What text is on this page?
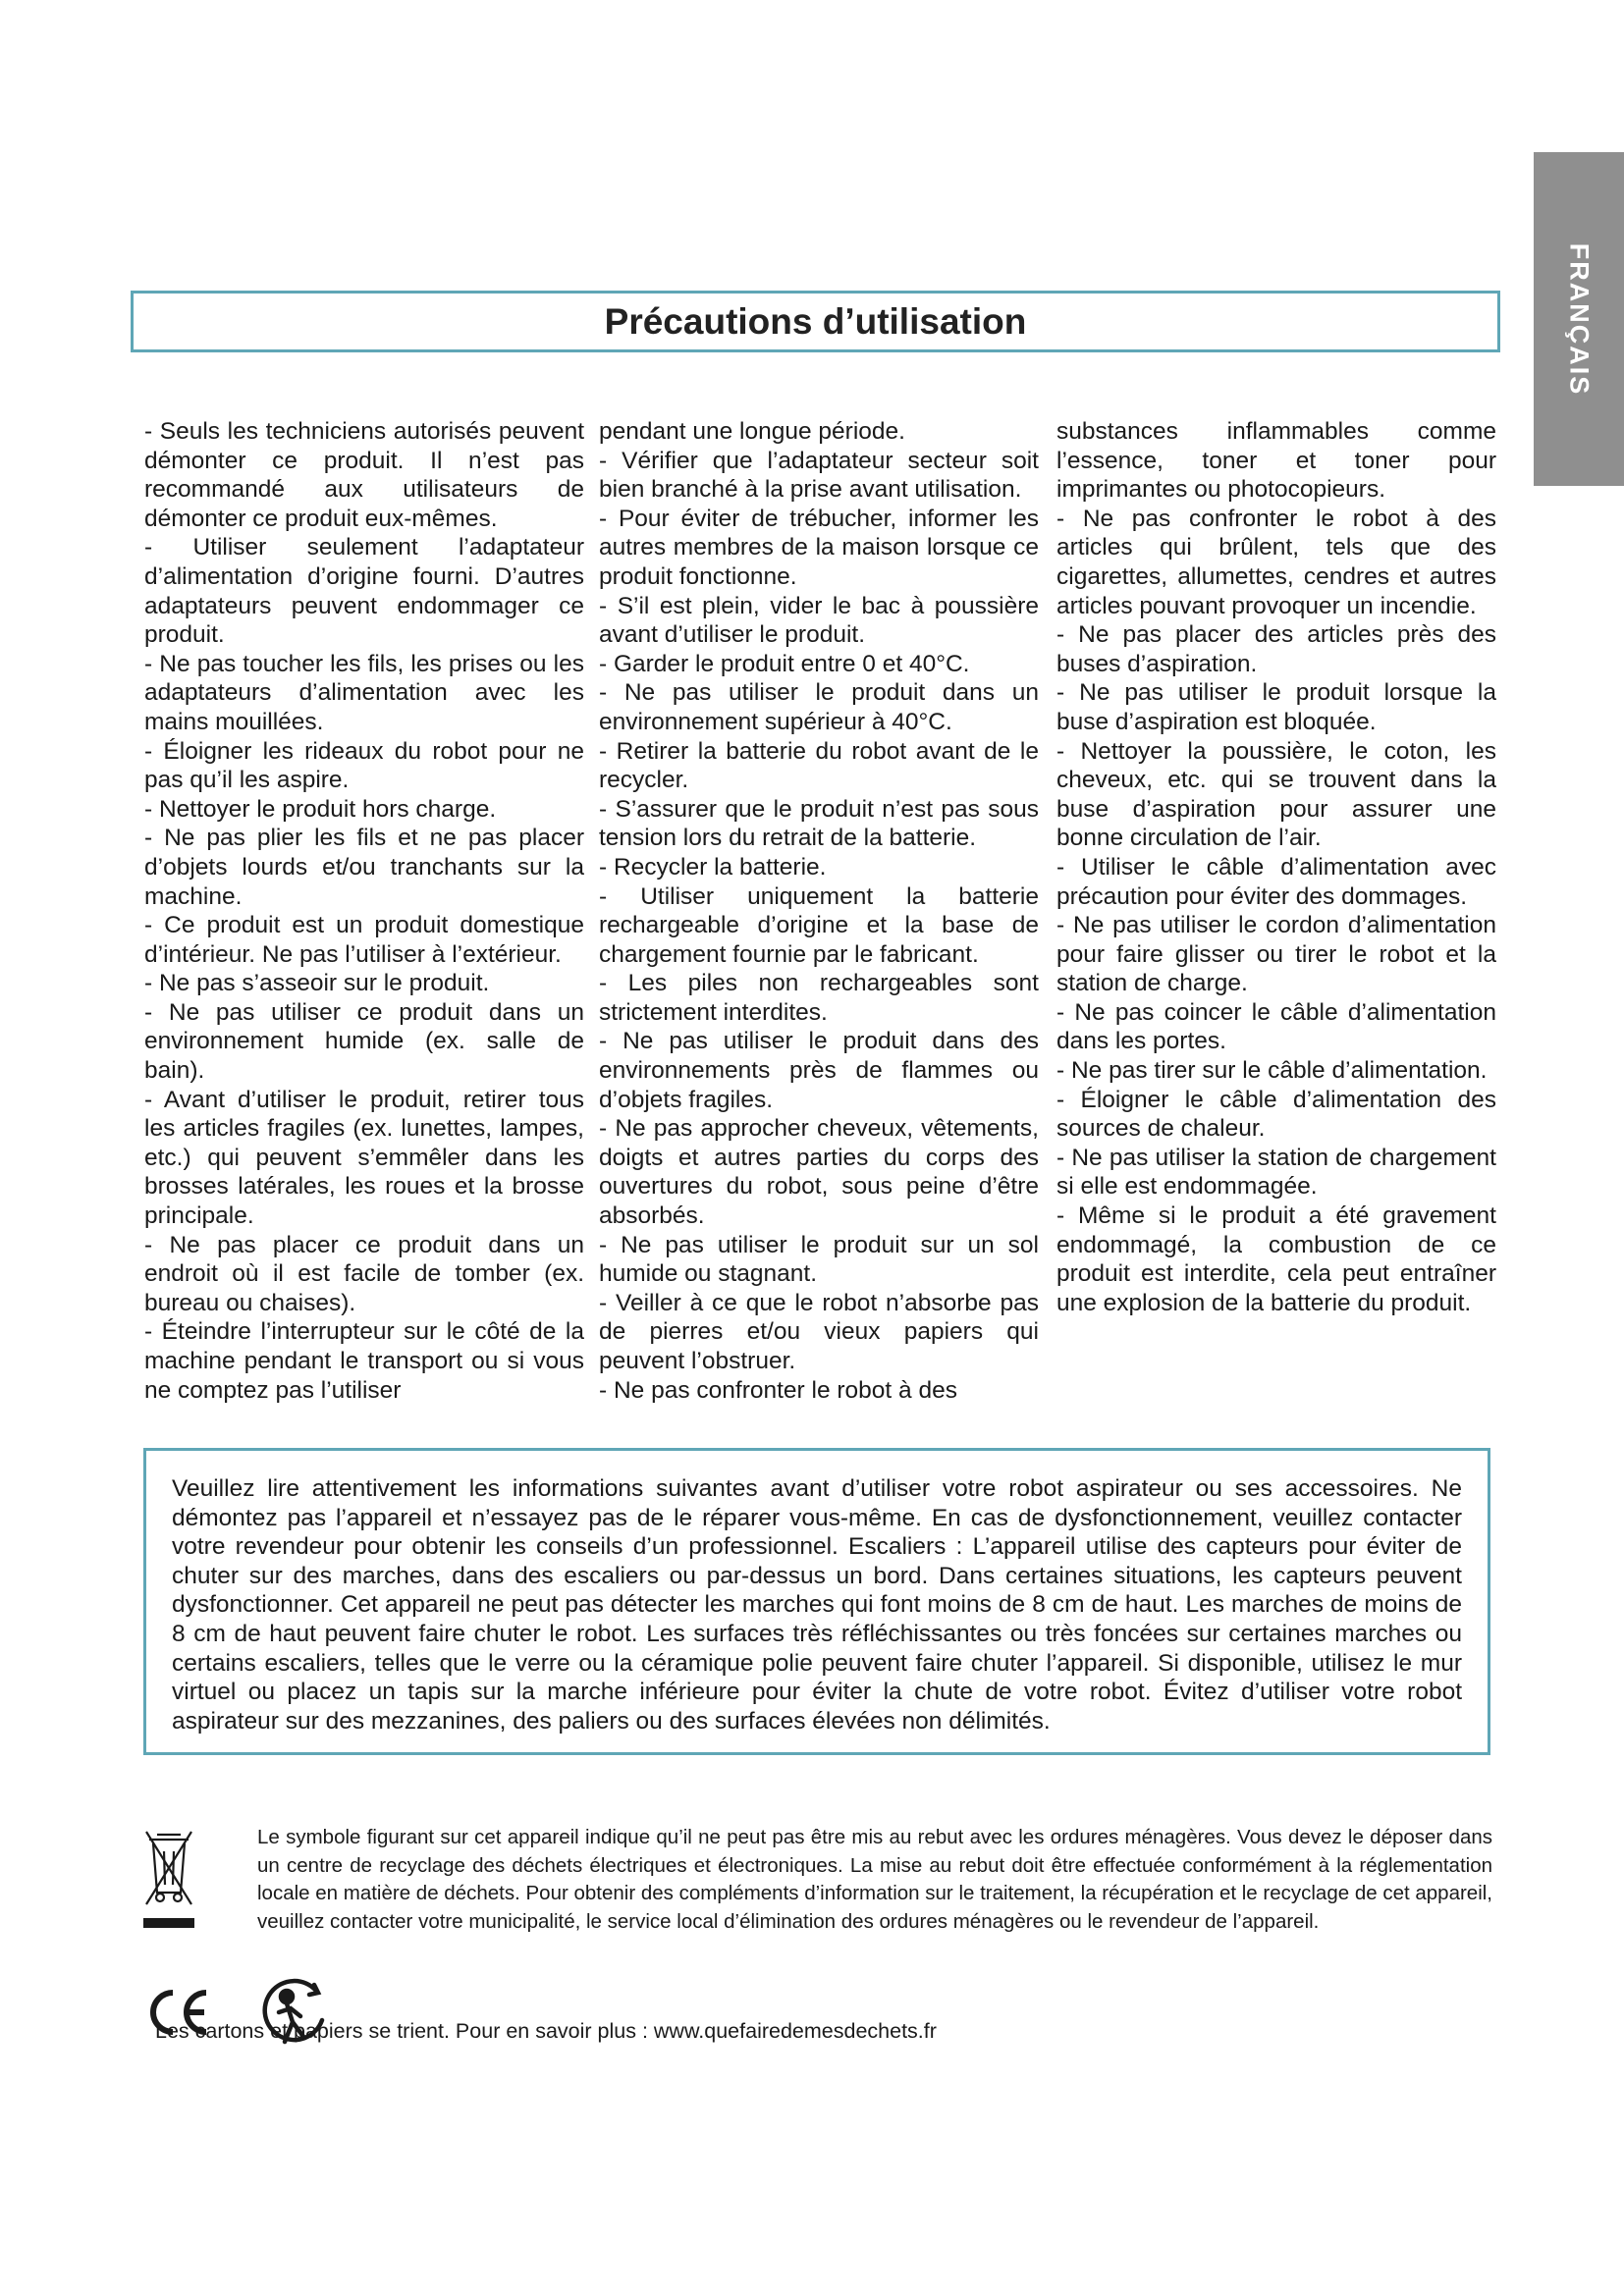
FRANÇAIS
Précautions d’utilisation

- Seuls les techniciens autorisés peuvent démonter ce produit. Il n’est pas recommandé aux utilisateurs de démonter ce produit eux-mêmes.

- Utiliser seulement l’adaptateur d’alimentation d’origine fourni. D’autres adaptateurs peuvent endommager ce produit.

- Ne pas toucher les fils, les prises ou les adaptateurs d’alimentation avec les mains mouillées.

- Éloigner les rideaux du robot pour ne pas qu’il les aspire.

- Nettoyer le produit hors charge.

- Ne pas plier les fils et ne pas placer d’objets lourds et/ou tranchants sur la machine.

- Ce produit est un produit domestique d’intérieur. Ne pas l’utiliser à l’extérieur.

- Ne pas s’asseoir sur le produit.

- Ne pas utiliser ce produit dans un environnement humide (ex. salle de bain).

- Avant d’utiliser le produit, retirer tous les articles fragiles (ex. lunettes, lampes, etc.) qui peuvent s’emmêler dans les brosses latérales, les roues et la brosse principale.

- Ne pas placer ce produit dans un endroit où il est facile de tomber (ex. bureau ou chaises).

- Éteindre l’interrupteur sur le côté de la machine pendant le transport ou si vous ne comptez pas l’utiliser

pendant une longue période.

- Vérifier que l’adaptateur secteur soit bien branché à la prise avant utilisation.

- Pour éviter de trébucher, informer les autres membres de la maison lorsque ce produit fonctionne.

- S’il est plein, vider le bac à poussière avant d’utiliser le produit.

- Garder le produit entre 0 et 40°C.

- Ne pas utiliser le produit dans un environnement supérieur à 40°C.

- Retirer la batterie du robot avant de le recycler.

- S’assurer que le produit n’est pas sous tension lors du retrait de la batterie.

- Recycler la batterie.

- Utiliser uniquement la batterie rechargeable d’origine et la base de chargement fournie par le fabricant.

- Les piles non rechargeables sont strictement interdites.

- Ne pas utiliser le produit dans des environnements près de flammes ou d’objets fragiles.

- Ne pas approcher cheveux, vêtements, doigts et autres parties du corps des ouvertures du robot, sous peine d’être absorbés.

- Ne pas utiliser le produit sur un sol humide ou stagnant.

- Veiller à ce que le robot n’absorbe pas de pierres et/ou vieux papiers qui peuvent l’obstruer.

- Ne pas confronter le robot à des

substances inflammables comme l’essence, toner et toner pour imprimantes ou photocopieurs.

- Ne pas confronter le robot à des articles qui brûlent, tels que des cigarettes, allumettes, cendres et autres articles pouvant provoquer un incendie.

- Ne pas placer des articles près des buses d’aspiration.

- Ne pas utiliser le produit lorsque la buse d’aspiration est bloquée.

- Nettoyer la poussière, le coton, les cheveux, etc. qui se trouvent dans la buse d’aspiration pour assurer une bonne circulation de l’air.

- Utiliser le câble d’alimentation avec précaution pour éviter des dommages.

- Ne pas utiliser le cordon d’alimentation pour faire glisser ou tirer le robot et la station de charge.

- Ne pas coincer le câble d’alimentation dans les portes.

- Ne pas tirer sur le câble d’alimentation.

- Éloigner le câble d’alimentation des sources de chaleur.

- Ne pas utiliser la station de chargement si elle est endommagée.

- Même si le produit a été gravement endommagé, la combustion de ce produit est interdite, cela peut entraîner une explosion de la batterie du produit.

Veuillez lire attentivement les informations suivantes avant d’utiliser votre robot aspirateur ou ses accessoires. Ne démontez pas l’appareil et n’essayez pas de le réparer vous-même. En cas de dysfonctionnement, veuillez contacter votre revendeur pour obtenir les conseils d’un professionnel. Escaliers : L’appareil utilise des capteurs pour éviter de chuter sur des marches, dans des escaliers ou par-dessus un bord. Dans certaines situations, les capteurs peuvent dysfonctionner. Cet appareil ne peut pas détecter les marches qui font moins de 8 cm de haut. Les marches de moins de 8 cm de haut peuvent faire chuter le robot. Les surfaces très réfléchissantes ou très foncées sur certaines marches ou certains escaliers, telles que le verre ou la céramique polie peuvent faire chuter l’appareil. Si disponible, utilisez le mur virtuel ou placez un tapis sur la marche inférieure pour éviter la chute de votre robot. Évitez d’utiliser votre robot aspirateur sur des mezzanines, des paliers ou des surfaces élevées non délimités.

Le symbole figurant sur cet appareil indique qu’il ne peut pas être mis au rebut avec les ordures ménagères. Vous devez le déposer dans un centre de recyclage des déchets électriques et électroniques. La mise au rebut doit être effectuée conformément à la réglementation locale en matière de déchets. Pour obtenir des compléments d’information sur le traitement, la récupération et le recyclage de cet appareil, veuillez contacter votre municipalité, le service local d’élimination des ordures ménagères ou le revendeur de l’appareil.

Les cartons et papiers se trient. Pour en savoir plus : www.quefairedemesdechets.fr
